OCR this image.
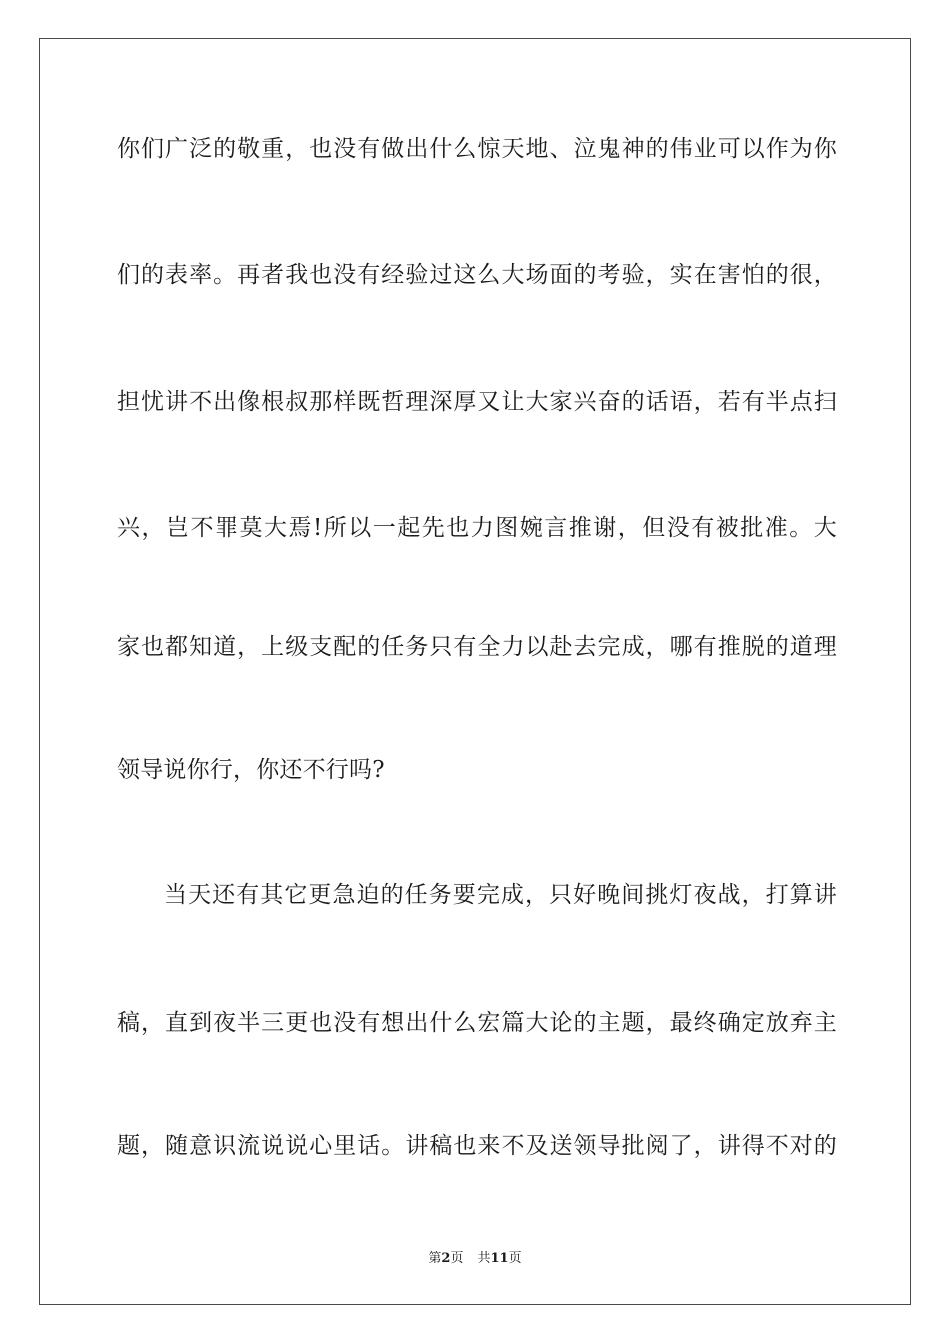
你们广泛的敬重，也没有做出什么惊天地、泣鬼神的伟业可以作为你
们的表率。再者我也没有经验过这么大场面的考验，实在害怕的很，
担忧讲不出像根叔那样既哲理深厚又让大家兴奋的话语，若有半点扫
兴，岂不罪莫大焉!所以一起先也力图婉言推谢，但没有被批准。大
家也都知道，上级支配的任务只有全力以赴去完成，哪有推脱的道理
领导说你行，你还不行吗?
当天还有其它更急迫的任务要完成，只好晚间挑灯夜战，打算讲
稿，直到夜半三更也没有想出什么宏篇大论的主题，最终确定放弃主
题，随意识流说说心里话。讲稿也来不及送领导批阅了，讲得不对的
第2页 共11页
